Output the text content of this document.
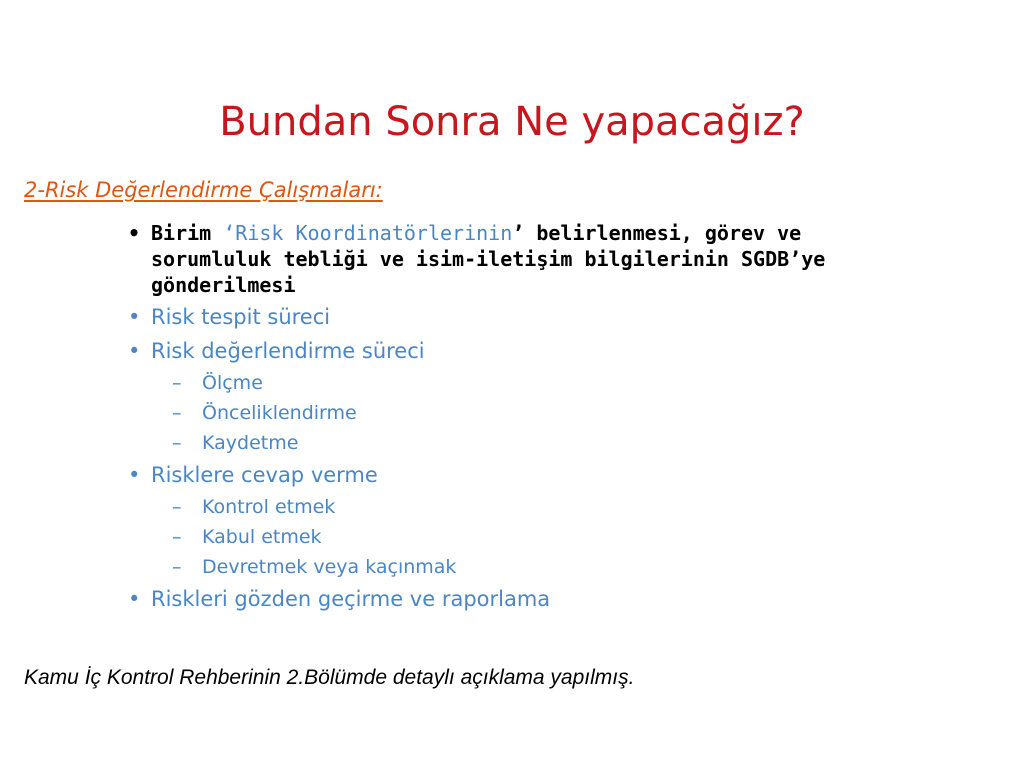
Bundan Sonra Ne yapacağız?

2-Risk Değerlendirme Çalışmaları:

• Birim ‘Risk Koordinatörlerinin’ belirlenmesi, görev ve sorumluluk tebliği ve isim-iletişim bilgilerinin SGDB’ye gönderilmesi
• Risk tespit süreci
• Risk değerlendirme süreci
–	Ölçme
–	Önceliklendirme
–	Kaydetme
• Risklere cevap verme
–	Kontrol etmek
–	Kabul etmek
–	Devretmek veya kaçınmak
• Riskleri gözden geçirme ve raporlama

Kamu İç Kontrol Rehberinin 2.Bölümde detaylı açıklama yapılmış.
